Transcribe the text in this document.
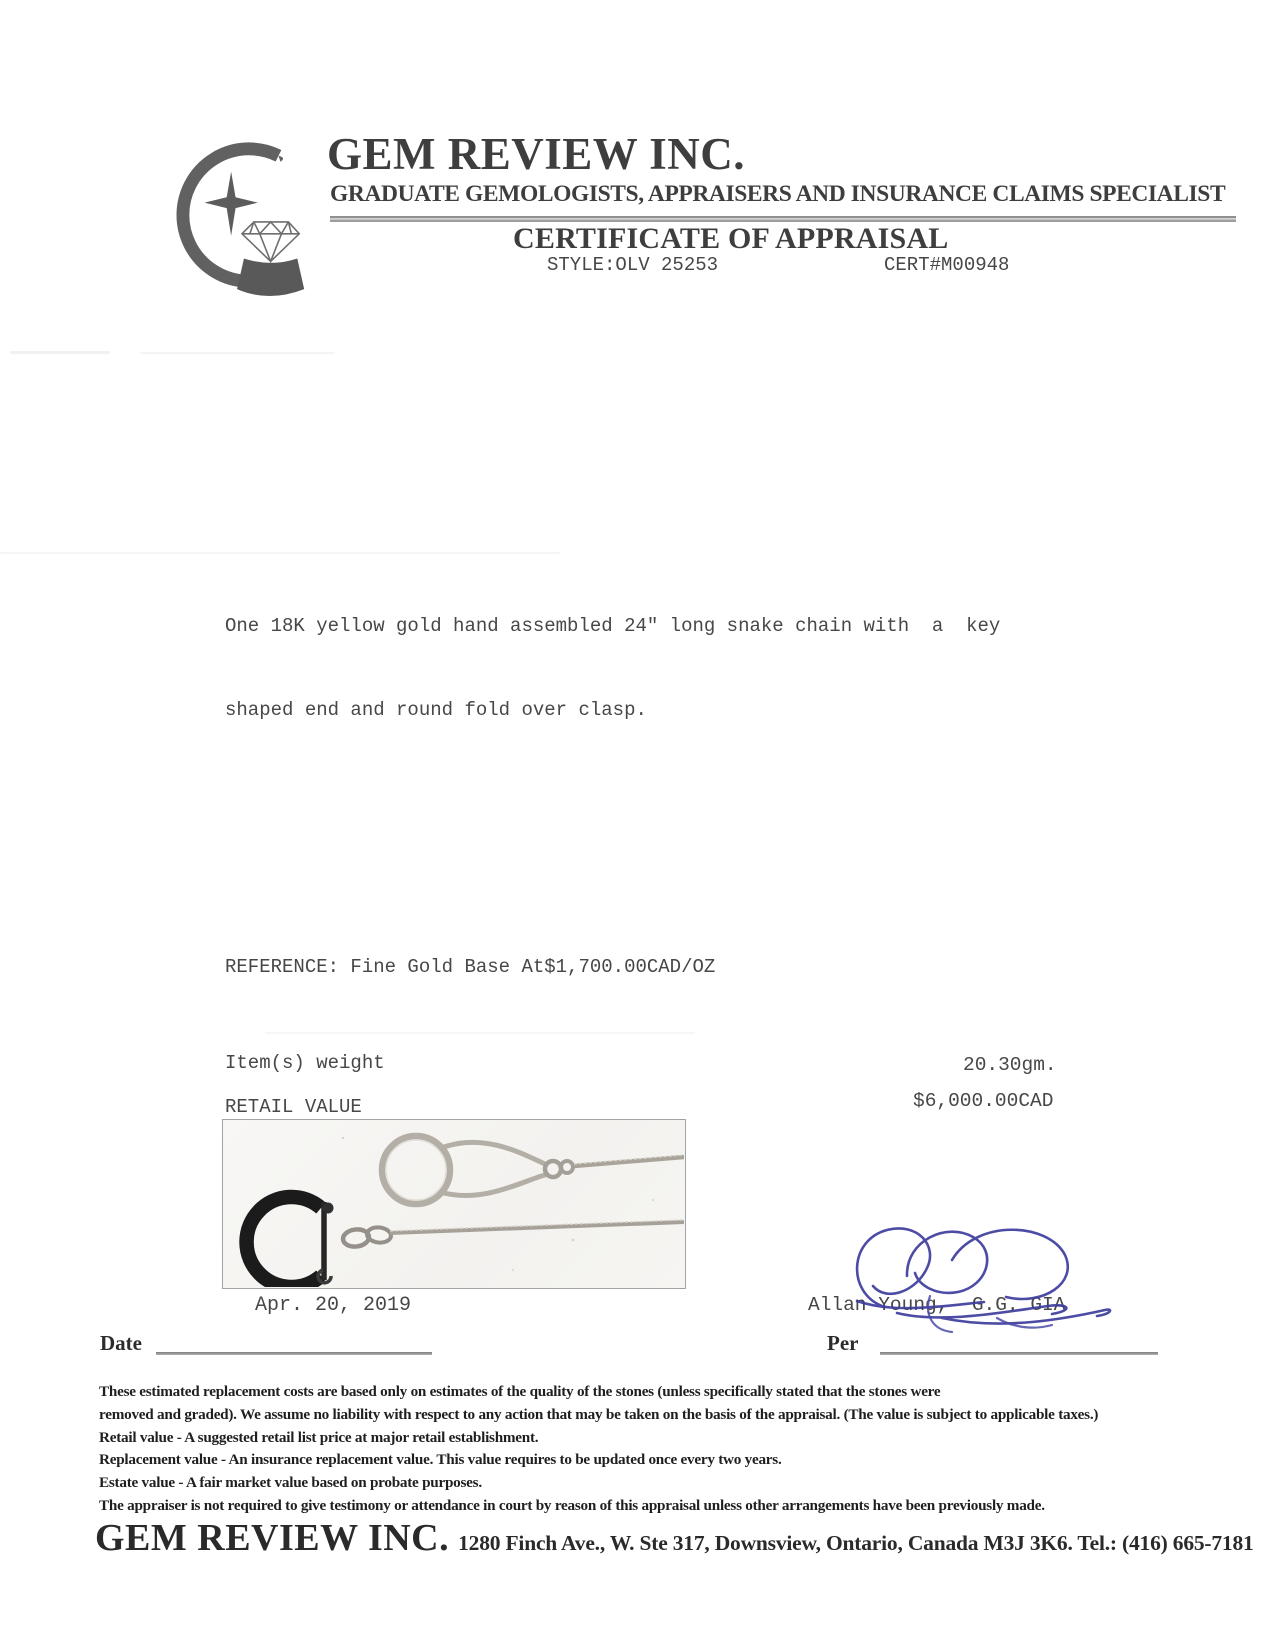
GEM REVIEW INC.
GRADUATE GEMOLOGISTS, APPRAISERS AND INSURANCE CLAIMS SPECIALIST
CERTIFICATE OF APPRAISAL
STYLE:OLV 25253	CERT#M00948

One 18K yellow gold hand assembled 24" long snake chain with  a  key

shaped end and round fold over clasp.

REFERENCE: Fine Gold Base At$1,700.00CAD/OZ
Item(s) weight	20.30gm.
RETAIL VALUE	$6,000.00CAD
Apr. 20, 2019	Allan Young,  G.G. GIA
Date	Per
These estimated replacement costs are based only on estimates of the quality of the stones (unless specifically stated that the stones were
removed and graded). We assume no liability with respect to any action that may be taken on the basis of the appraisal. (The value is subject to applicable taxes.)
Retail value - A suggested retail list price at major retail establishment.
Replacement value - An insurance replacement value. This value requires to be updated once every two years.
Estate value - A fair market value based on probate purposes.
The appraiser is not required to give testimony or attendance in court by reason of this appraisal unless other arrangements have been previously made.
GEM REVIEW INC. 1280 Finch Ave., W. Ste 317, Downsview, Ontario, Canada M3J 3K6. Tel.: (416) 665-7181
